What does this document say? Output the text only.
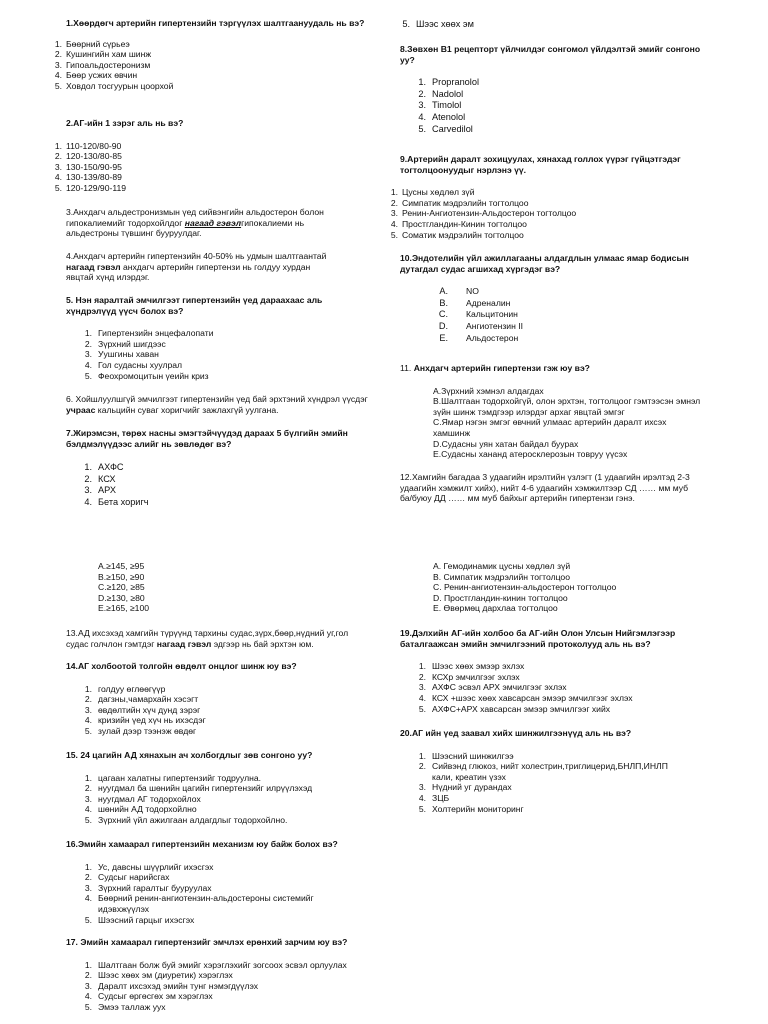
1.Хөөрдөгч артерийн гипертензийн тэргүүлэх шалтгаануудаль нь вэ?

1. Бөөрний сүрьеэ
2. Кушингийн хам шинж
3. Гипоальдостеронизм
4. Бөөр усжих өвчин
5. Ховдол тосгуурын цоорхой

2.АГ-ийн 1 зэрэг аль нь вэ?

1. 110-120/80-90
2. 120-130/80-85
3. 130-150/90-95
4. 130-139/80-89
5. 120-129/90-119

3.Анхдагч альдестронизмын үед сийвэнгийн альдостерон болон гипокалиемийг тодорхойлдог нагаад гэвэлгипокалиеми нь альдестроны түвшинг бууруулдаг.

4.Анхдагч артерийн гипертензийн 40-50% нь удмын шалтгаантай нагаад гэвэл анхдагч артерийн гипертензи нь голдуу хурдан явцтай хүнд илэрдэг.

5. Нэн яаралтай эмчилгээт гипертензийн үед дараахаас аль хүндрэлүүд үүсч болох вэ?

1. Гипертензийн энцефалопати
2. Зүрхний шигдээс
3. Уушгины хаван
4. Гол судасны хуулрал
5. Феохромоцитын үеийн криз

6. Хойшлуулшгүй эмчилгээт гипертензийн үед бай эрхтэний хүндрэл үүсдэг учраас кальцийн суваг хоригчийг зажлахгүй уулгана.

7.Жирэмсэн, төрөх насны эмэгтэйчүүдэд дараах 5 бүлгийн эмийн бэлдмэлүүдээс алийг нь зөвлөдөг вэ?

1. АХФС
2. КСХ
3. АРХ
4. Бета хоригч
А.≥145, ≥95
В.≥150, ≥90
С.≥120, ≥85
D.≥130, ≥80
Е.≥165, ≥100

13.АД ихсэхэд хамгийн түрүүнд тархины судас,зүрх,бөөр,нүдний уг,гол судас голчлон гэмтдэг нагаад гэвэл эдгээр нь бай эрхтэн юм.

14.АГ холбоотой толгойн өвдөлт онцлог шинж юу вэ?

1. голдуу өглөөгүүр
2. дагзны,чамархайн хэсэгт
3. өвдөлтийн хүч дунд зэрэг
4. кризийн үед хүч нь ихэсдэг
5. зулай дээр тээнэж өвдөг

15. 24 цагийн АД хянахын ач холбогдлыг зөв сонгоно уу?

1. цагаан халатны гипертензийг тодруулна.
2. нуугдмал ба шөнийн цагийн гипертензийг илрүүлэхэд
3. нуугдмал АГ тодорхойлох
4. шөнийн АД тодорхойлно
5. Зүрхний үйл ажилгаан алдагдлыг тодорхойлно.

16.Эмийн хамаарал гипертензийн механизм юу байж болох вэ?

1. Ус, давсны шүүрлийг ихэсгэх
2. Судсыг нарийсгах
3. Зүрхний гаралтыг бууруулах
4. Бөөрний ренин-ангиотензин-альдостероны системийг идэвхжүүлэх
5. Шээсний гарцыг ихэсгэх

17. Эмийн хамаарал гипертензийг эмчлэх ерөнхий зарчим юу вэ?

1. Шалтгаан болж буй эмийг хэрэглэхийг зогсоох эсвэл орлуулах
2. Шээс хөөх эм (диуретик) хэрэглэх
3. Даралт ихсэхэд эмийн тунг нэмэгдүүлэх
4. Судсыг өргөсгөх эм хэрэглэх
5. Эмээ таллаж уух
5. Шээс хөөх эм

8.Зөвхөн В1 рецепторт үйлчилдэг сонгомол үйлдэлтэй эмийг сонгоно уу?

1. Propranolol
2. Nadolol
3. Timolol
4. Atenolol
5. Carvedilol

9.Артерийн даралт зохицуулах, хянахад голлох үүрэг гүйцэтгэдэг тогтолцоонуудыг нэрлэнэ үү.

1. Цусны хөдлөл зүй
2. Симпатик мэдрэлийн тогтолцоо
3. Ренин-Ангиотензин-Альдостерон тогтолцоо
4. Простгландин-Кинин тогтолцоо
5. Соматик мэдрэлийн тогтолцоо

10.Эндотелийн үйл ажиллагааны алдагдлын улмаас ямар бодисын дутагдал судас агшихад хүргэдэг вэ?

A. NO
B. Адреналин
C. Кальцитонин
D. Ангиотензин II
E. Альдостерон

11. Анхдагч артерийн гипертензи гэж юу вэ?

А.Зүрхний хэмнэл алдагдах
В.Шалтгаан тодорхойгүй, олон эрхтэн, тогтолцоог гэмтээсэн эмнэл зүйн шинж тэмдгээр илэрдэг архаг явцтай эмгэг
С.Ямар нэгэн эмгэг өвчний улмаас артерийн даралт ихсэх хамшинж
D.Судасны уян хатан байдал буурах
Е.Судасны хананд атеросклерозын товруу үүсэх

12.Хамгийн багадаа 3 удаагийн ирэлтийн үзлэгт (1 удаагийн ирэлтэд 2-3 удаагийн хэмжилт хийх), нийт 4-6 удаагийн хэмжилтээр СД …… мм муб ба/буюу ДД …… мм муб байхыг артерийн гипертензи гэнэ.

А. Гемодинамик цусны хөдлөл зүй
В. Симпатик мэдрэлийн тогтолцоо
С. Ренин-ангиотензин-альдостерон тогтолцоо
D. Простгландин-кинин тогтолцоо
Е. Өвөрмөц дархлаа тогтолцоо

19.Дэлхийн АГ-ийн холбоо ба АГ-ийн Олон Улсын Нийгэмлэгээр баталгаажсан эмийн эмчилгээний протоколууд аль нь вэ?

1. Шээс хөөх эмээр эхлэх
2. КСХр эмчилгээг эхлэх
3. АХФС эсвэл АРХ эмчилгээг эхлэх
4. КСХ +шээс хөөх хавсарсан эмээр эмчилгээг эхлэх
5. АХФС+АРХ хавсарсан эмээр эмчилгээг хийх

20.АГ ийн үед заавал хийх шинжилгээнүүд аль нь вэ?

1. Шээсний шинжилгээ
2. Сийвэнд глюкоз, нийт холестрин,триглицерид,БНЛП,ИНЛП кали, креатин үзэх
3. Нүдний уг дурандах
4. ЗЦБ
5. Холтерийн мониторинг
